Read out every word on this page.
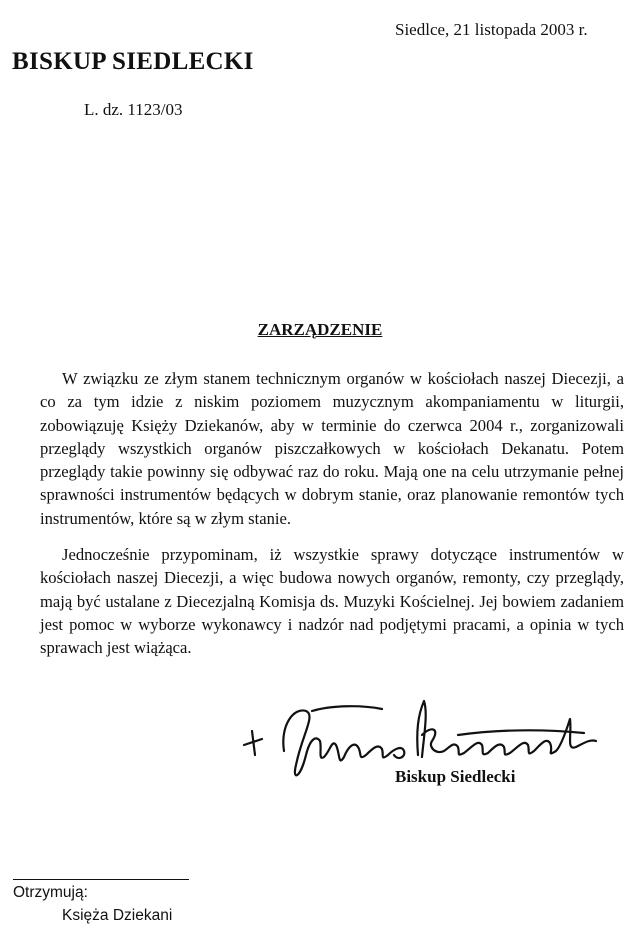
Siedlce, 21 listopada 2003 r.
BISKUP SIEDLECKI
L. dz. 1123/03
ZARZĄDZENIE

W związku ze złym stanem technicznym organów w kościołach naszej Diecezji, a co za tym idzie z niskim poziomem muzycznym akompaniamentu w liturgii, zobowiązuję Księży Dziekanów, aby w terminie do czerwca 2004 r., zorganizowali przeglądy wszystkich organów piszczałkowych w kościołach Dekanatu. Potem przeglądy takie powinny się odbywać raz do roku. Mają one na celu utrzymanie pełnej sprawności instrumentów będących w dobrym stanie, oraz planowanie remontów tych instrumentów, które są w złym stanie.

Jednocześnie przypominam, iż wszystkie sprawy dotyczące instrumentów w kościołach naszej Diecezji, a więc budowa nowych organów, remonty, czy przeglądy, mają być ustalane z Diecezjalną Komisja ds. Muzyki Kościelnej. Jej bowiem zadaniem jest pomoc w wyborze wykonawcy i nadzór nad podjętymi pracami, a opinia w tych sprawach jest wiążąca.

Biskup Siedlecki
Otrzymują:
Księża Dziekani
